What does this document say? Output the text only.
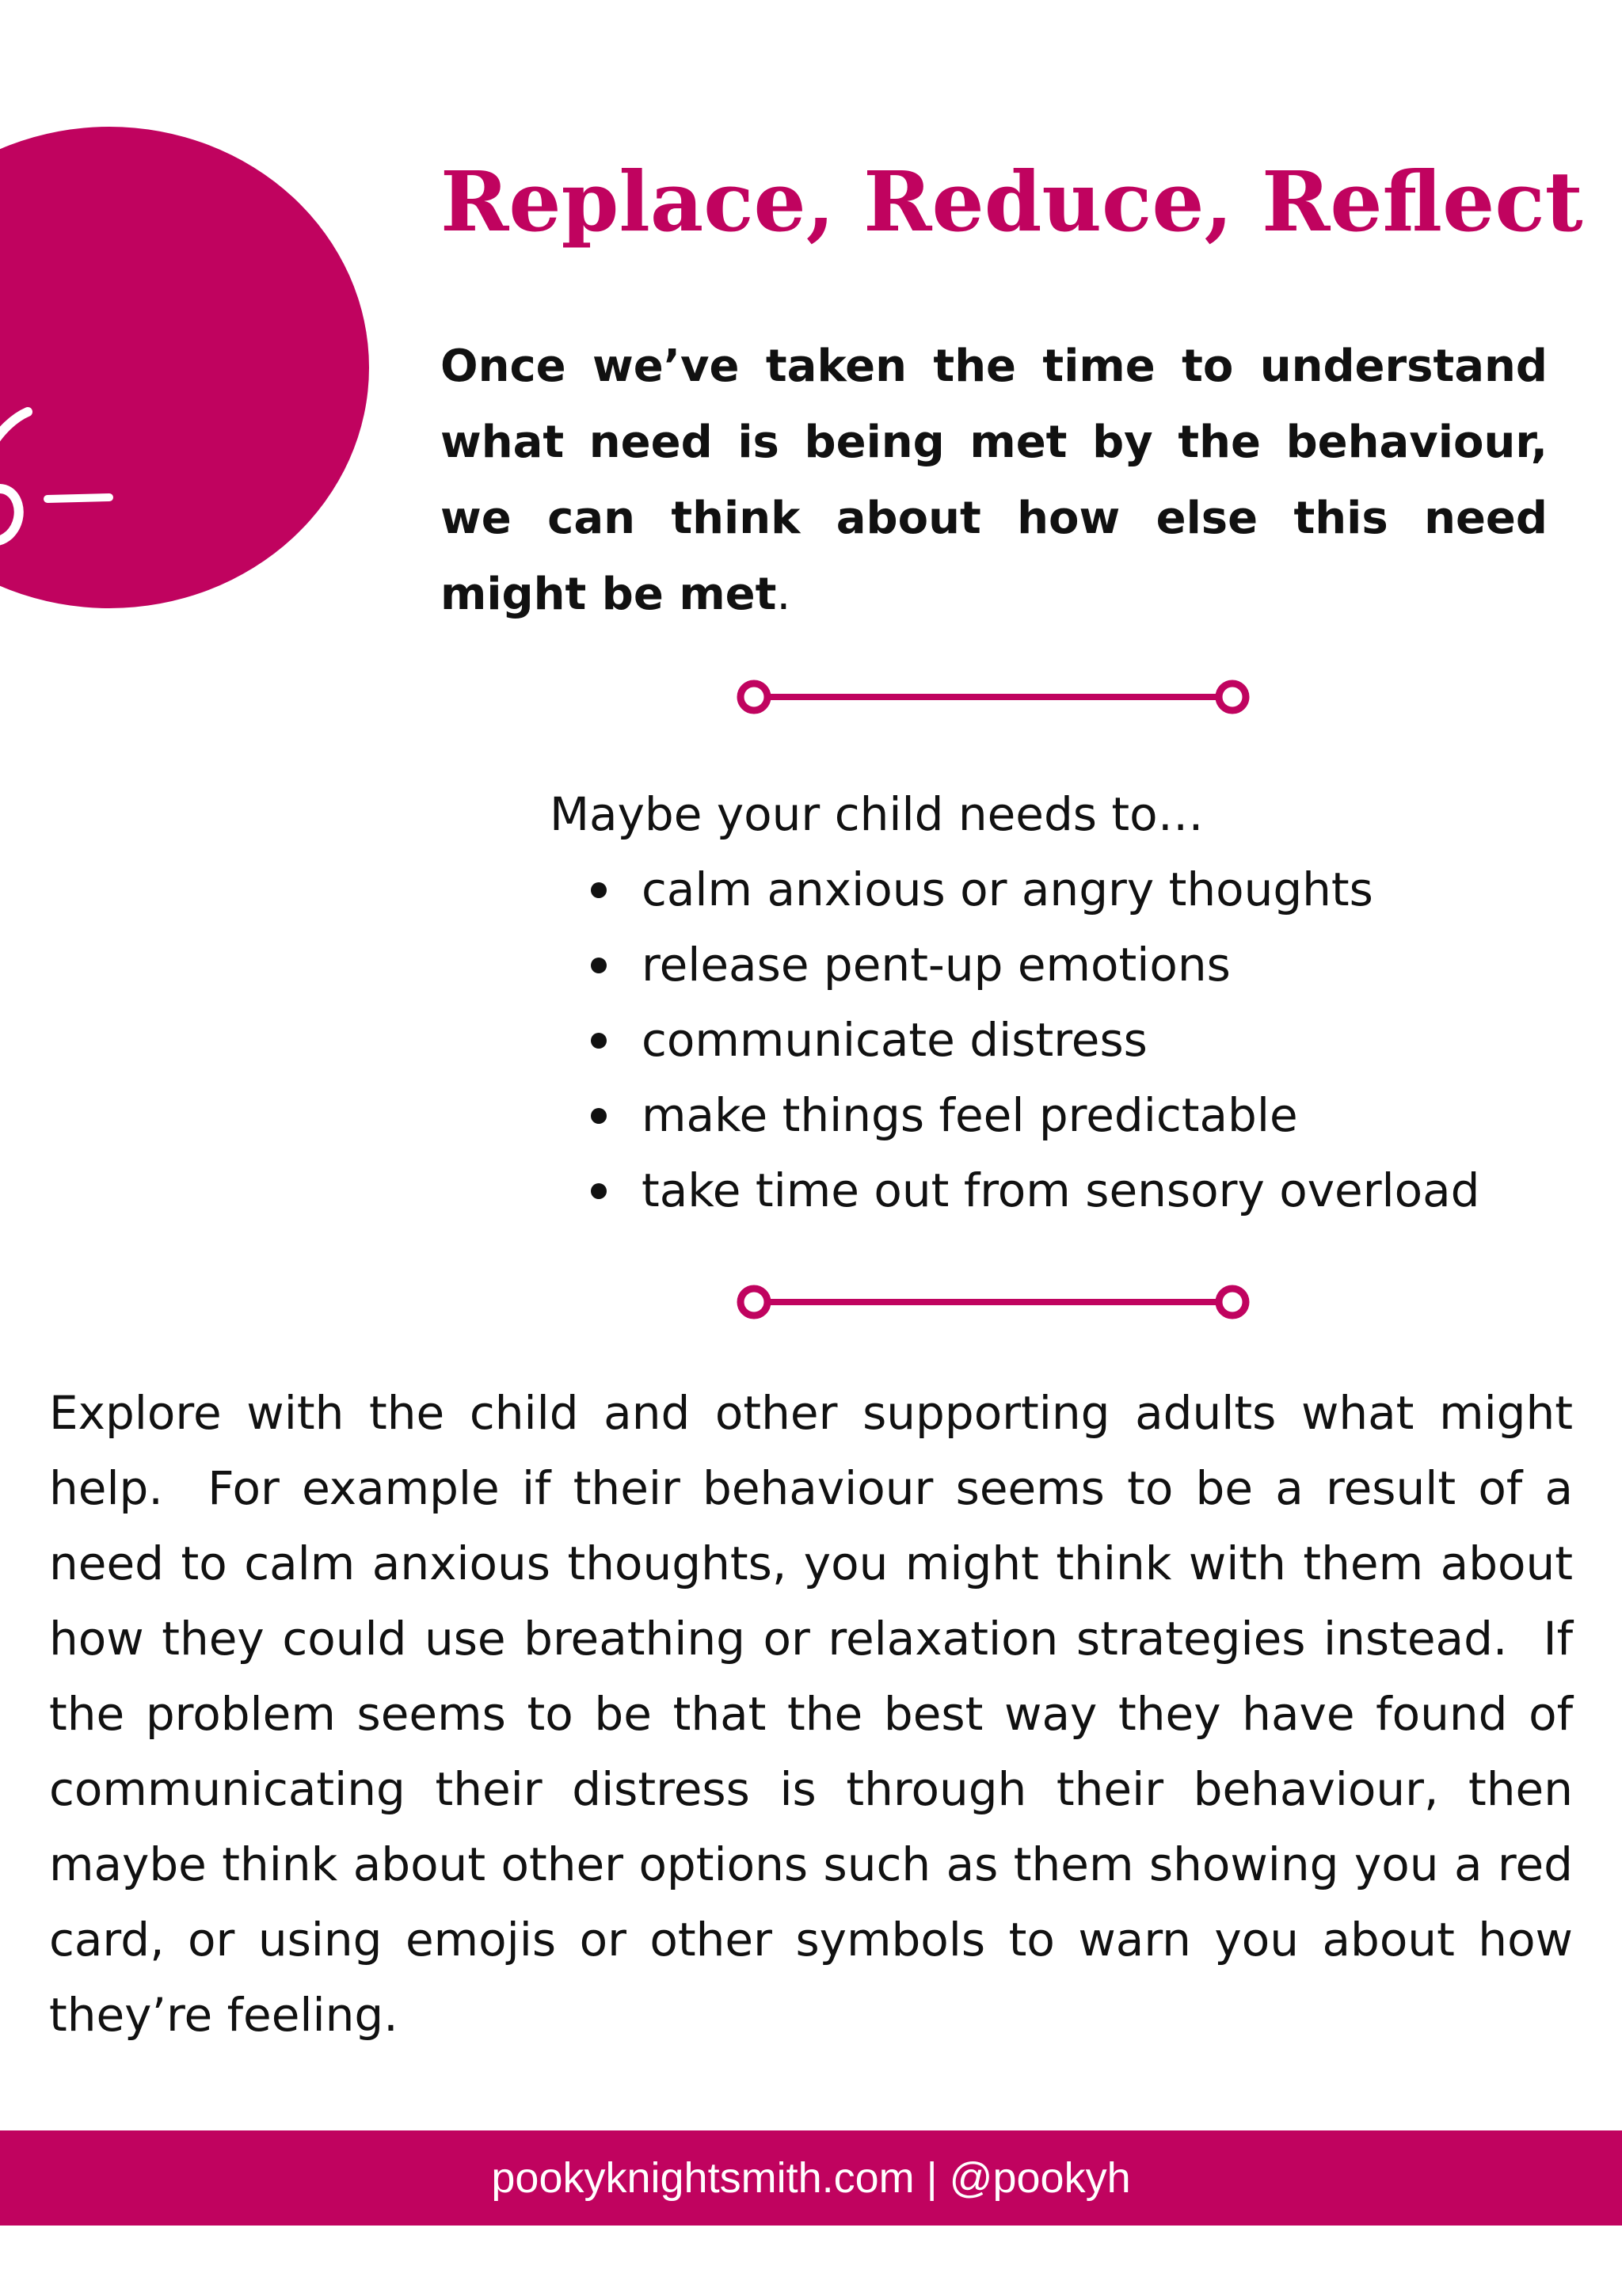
Replace, Reduce, Reflect

Once we’ve taken the time to understand what need is being met by the behaviour, we can think about how else this need might be met.

Maybe your child needs to…

calm anxious or angry thoughts
release pent-up emotions
communicate distress
make things feel predictable
take time out from sensory overload

Explore with the child and other supporting adults what might help.  For example if their behaviour seems to be a result of a need to calm anxious thoughts, you might think with them about how they could use breathing or relaxation strategies instead.  If the problem seems to be that the best way they have found of communicating their distress is through their behaviour, then maybe think about other options such as them showing you a red card, or using emojis or other symbols to warn you about how they’re feeling.

pookyknightsmith.com | @pookyh
